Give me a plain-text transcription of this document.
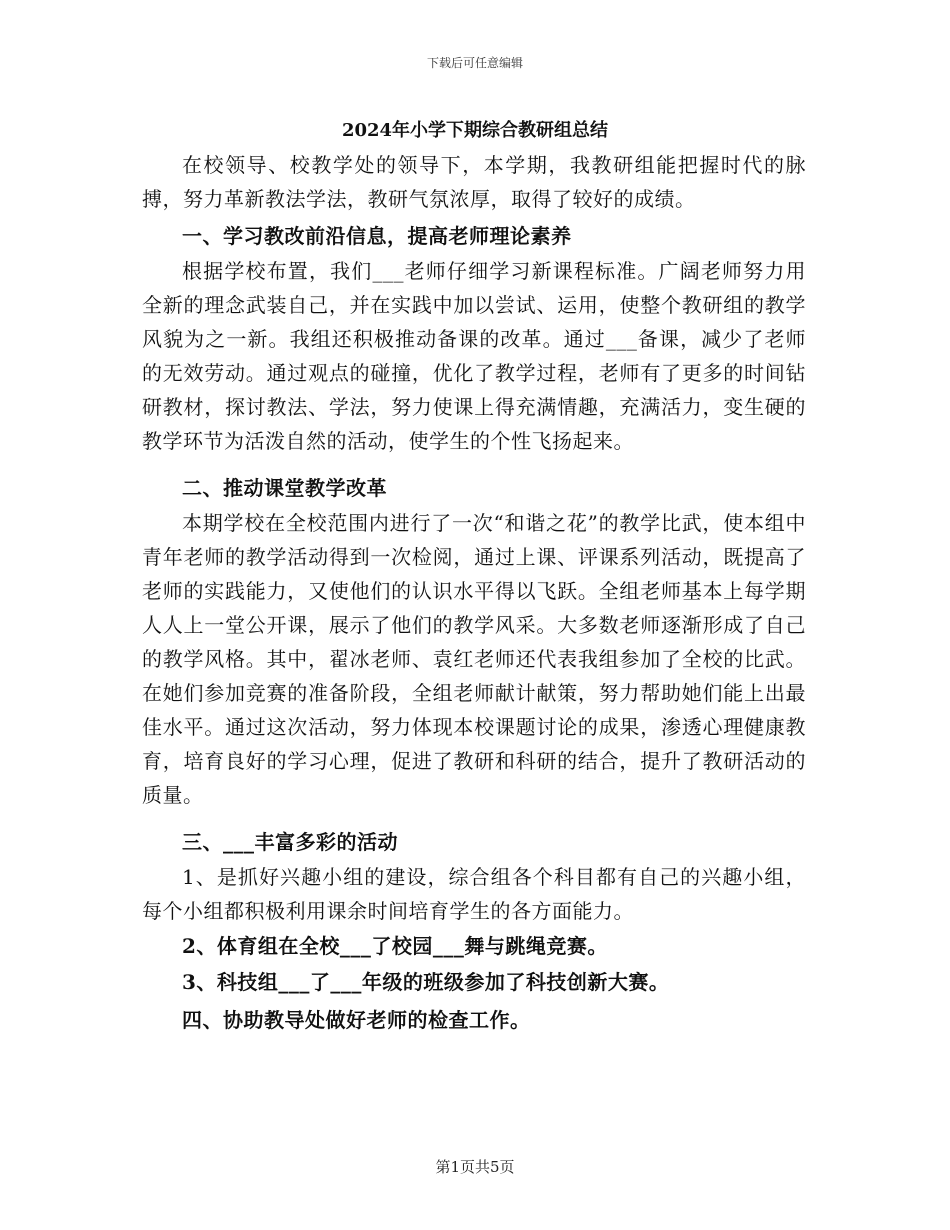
下载后可任意编辑
2024年小学下期综合教研组总结

在校领导、校教学处的领导下，本学期，我教研组能把握时代的脉搏，努力革新教法学法，教研气氛浓厚，取得了较好的成绩。

一、学习教改前沿信息，提高老师理论素养

根据学校布置，我们___老师仔细学习新课程标准。广阔老师努力用全新的理念武装自己，并在实践中加以尝试、运用，使整个教研组的教学风貌为之一新。我组还积极推动备课的改革。通过___备课，减少了老师的无效劳动。通过观点的碰撞，优化了教学过程，老师有了更多的时间钻研教材，探讨教法、学法，努力使课上得充满情趣，充满活力，变生硬的教学环节为活泼自然的活动，使学生的个性飞扬起来。

二、推动课堂教学改革

本期学校在全校范围内进行了一次“和谐之花”的教学比武，使本组中青年老师的教学活动得到一次检阅，通过上课、评课系列活动，既提高了老师的实践能力，又使他们的认识水平得以飞跃。全组老师基本上每学期人人上一堂公开课，展示了他们的教学风采。大多数老师逐渐形成了自己的教学风格。其中，翟冰老师、袁红老师还代表我组参加了全校的比武。在她们参加竞赛的准备阶段，全组老师献计献策，努力帮助她们能上出最佳水平。通过这次活动，努力体现本校课题讨论的成果，渗透心理健康教育，培育良好的学习心理，促进了教研和科研的结合，提升了教研活动的质量。

三、___丰富多彩的活动

1、是抓好兴趣小组的建设，综合组各个科目都有自己的兴趣小组，每个小组都积极利用课余时间培育学生的各方面能力。

2、体育组在全校___了校园___舞与跳绳竞赛。

3、科技组___了___年级的班级参加了科技创新大赛。

四、协助教导处做好老师的检查工作。

第1页共5页
